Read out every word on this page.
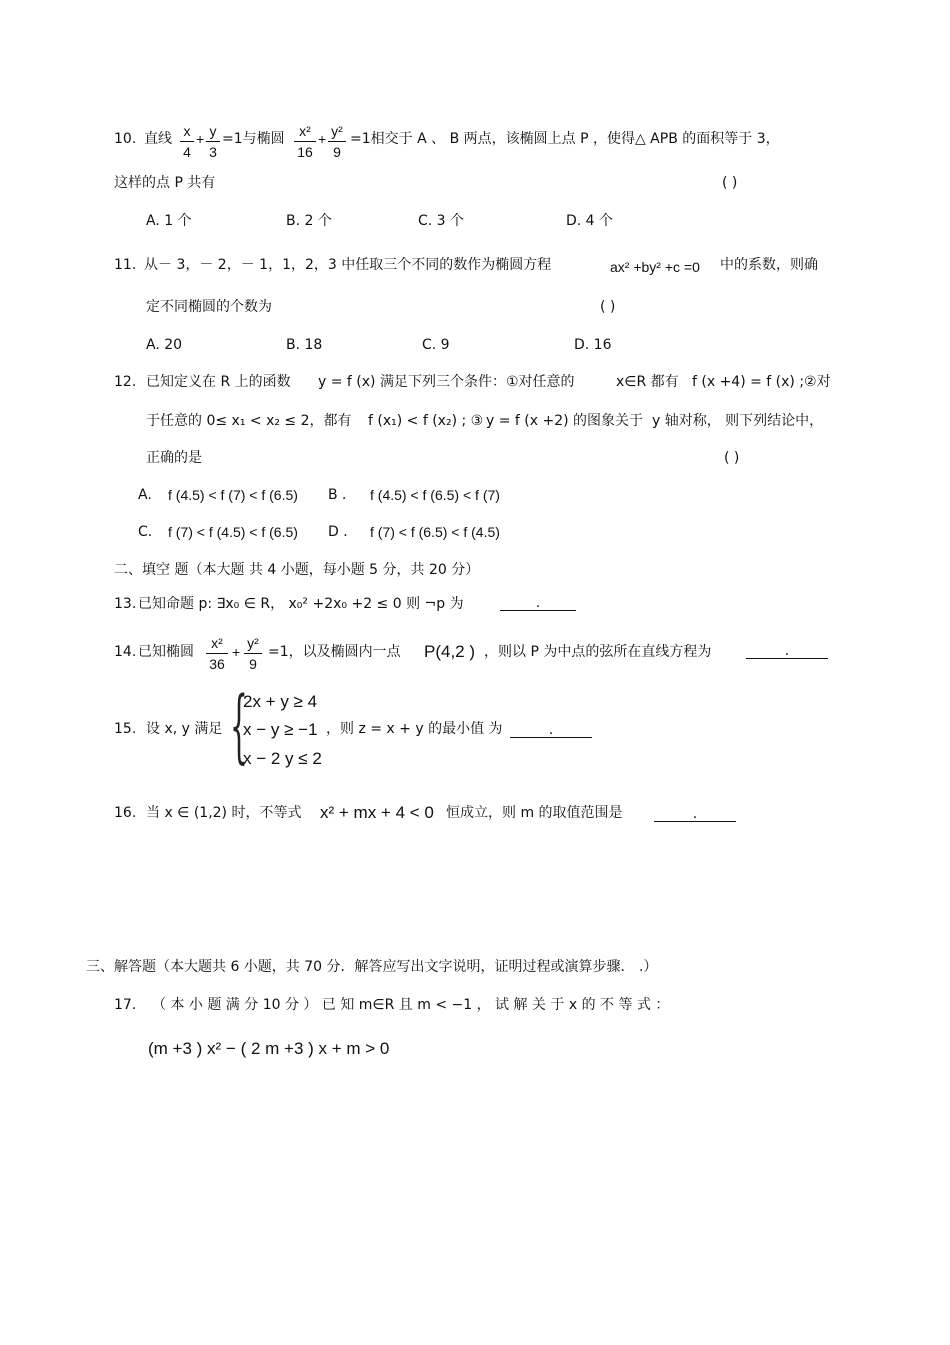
10. 直线 x
4
+ y
3
=1与椭圆	x²
16
+ y²
9
=1相交于 A 、 B 两点，该椭圆上点 P ，使得△ APB 的面积等于 3，
这样的点 P 共有	( )
A. 1 个	B. 2 个	C. 3 个	D. 4 个
11. 从－ 3，－ 2，－ 1，1，2，3 中任取三个不同的数作为椭圆方程	ax² +by² +c =0 中的系数，则确
定不同椭圆的个数为	( )
A. 20	B. 18	C. 9	D. 16
12. 已知定义在 R 上的函数 y = f (x) 满足下列三个条件：①对任意的	x∈R 都有 f (x +4) = f (x) ;②对
于任意的 0≤ x₁ < x₂ ≤ 2，都有 f (x₁) < f (x₂) ; ③ y = f (x +2) 的图象关于 y 轴对称， 则下列结论中，
正确的是	( )
A. f (4.5) < f (7) < f (6.5) B ． f (4.5) < f (6.5) < f (7)
C. f (7) < f (4.5) < f (6.5) D ． f (7) < f (6.5) < f (4.5)
二、填空 题（本大题 共 4 小题，每小题 5 分，共 20 分）
13. 已知命题 p: ∃x₀ ∈ R， x₀² +2x₀ +2 ≤ 0 则 ¬p 为	.
14. 已知椭圆
x²
36
+
y²
9
=1，以及椭圆内一点 P(4,2 ) ，则以 P 为中点的弦所在直线方程为	.
15. 设 x, y 满足 {
2x + y ≥ 4
x − y ≥ −1
x − 2 y ≤ 2
，则 z = x + y 的最小值 为	.
16. 当 x ∈ (1,2) 时，不等式 x² + mx + 4 < 0 恒成立，则 m 的取值范围是	.
三、解答题（本大题共 6 小题，共 70 分．解答应写出文字说明，证明过程或演算步骤． .）
17. （ 本 小 题 满 分 10 分 ） 已 知 m∈R 且 m < −1 ， 试 解 关 于 x 的 不 等 式 ：
(m +3 ) x² − ( 2 m +3 ) x + m > 0
